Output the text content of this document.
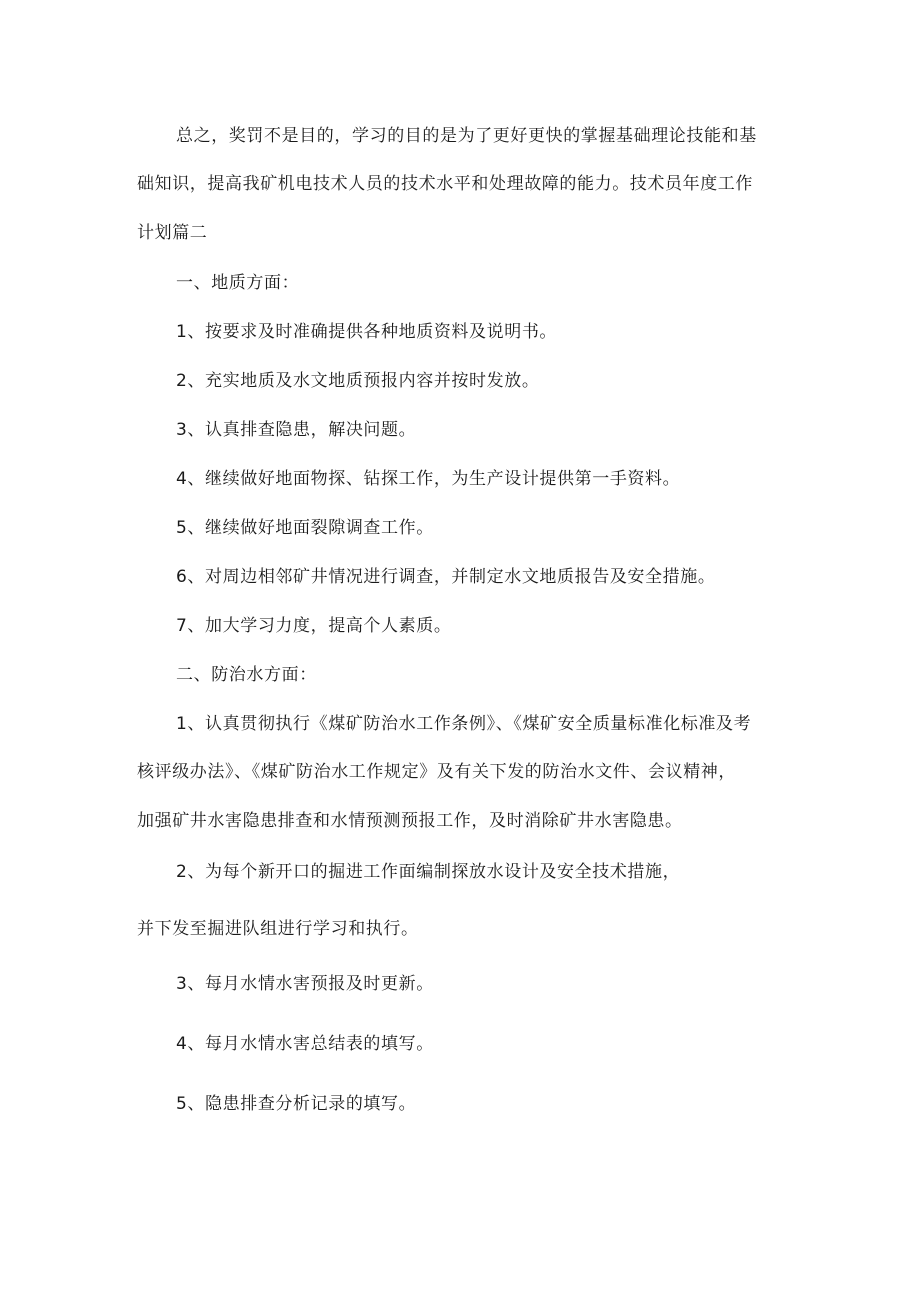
总之，奖罚不是目的，学习的目的是为了更好更快的掌握基础理论技能和基
础知识，提高我矿机电技术人员的技术水平和处理故障的能力。技术员年度工作
计划篇二
一、地质方面：
1、按要求及时准确提供各种地质资料及说明书。
2、充实地质及水文地质预报内容并按时发放。
3、认真排查隐患，解决问题。
4、继续做好地面物探、钻探工作，为生产设计提供第一手资料。
5、继续做好地面裂隙调查工作。
6、对周边相邻矿井情况进行调查，并制定水文地质报告及安全措施。
7、加大学习力度，提高个人素质。
二、防治水方面：
1、认真贯彻执行《煤矿防治水工作条例》、《煤矿安全质量标准化标准及考
核评级办法》、《煤矿防治水工作规定》及有关下发的防治水文件、会议精神，
加强矿井水害隐患排查和水情预测预报工作，及时消除矿井水害隐患。
2、为每个新开口的掘进工作面编制探放水设计及安全技术措施，
并下发至掘进队组进行学习和执行。
3、每月水情水害预报及时更新。
4、每月水情水害总结表的填写。
5、隐患排查分析记录的填写。
